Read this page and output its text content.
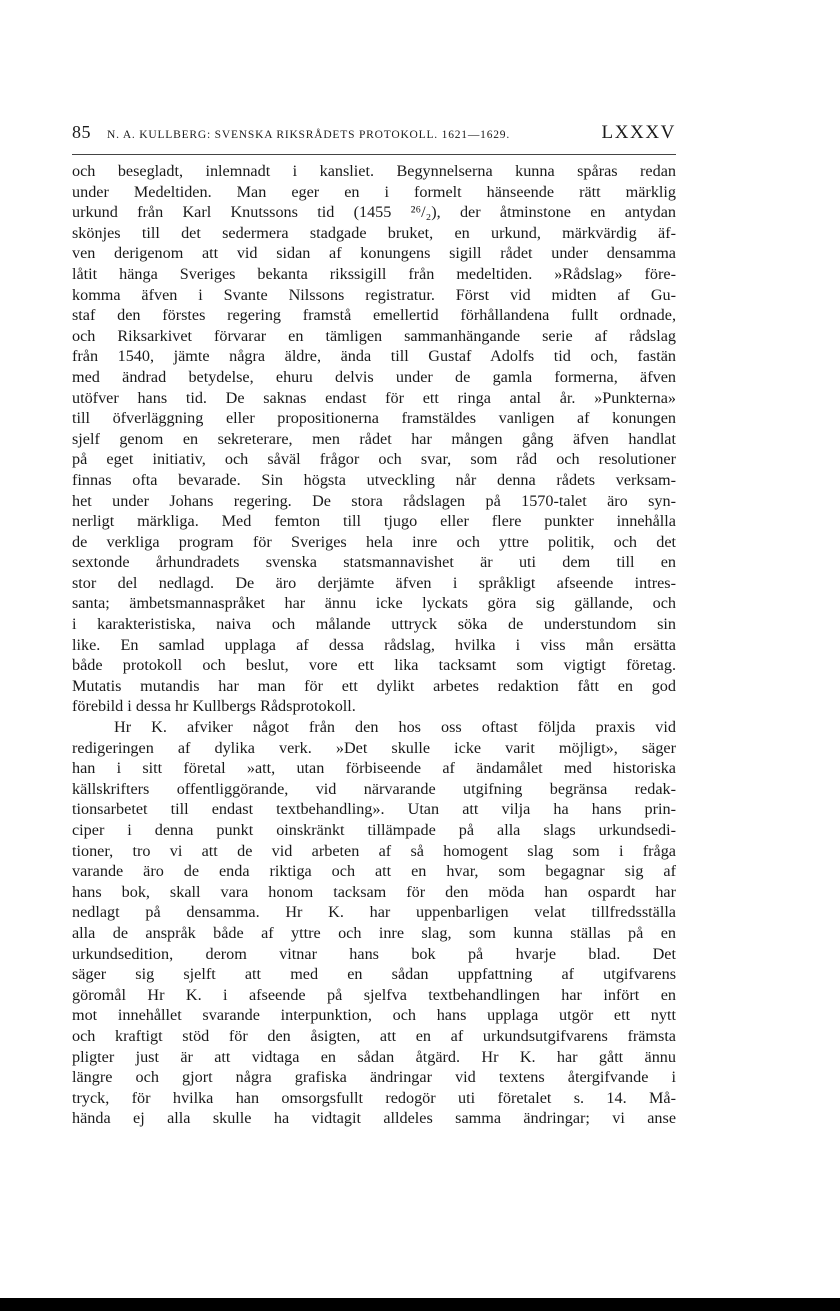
85 N. A. KULLBERG: SVENSKA RIKSRÅDETS PROTOKOLL. 1621—1629.	LXXXV
och besegladt, inlemnadt i kansliet. Begynnelserna kunna spåras redan
under Medeltiden. Man eger en i formelt hänseende rätt märklig
urkund från Karl Knutssons tid (1455 ²⁶/₂), der åtminstone en antydan
skönjes till det sedermera stadgade bruket, en urkund, märkvärdig äf-
ven derigenom att vid sidan af konungens sigill rådet under densamma
låtit hänga Sveriges bekanta rikssigill från medeltiden. »Rådslag» före-
komma äfven i Svante Nilssons registratur. Först vid midten af Gu-
staf den förstes regering framstå emellertid förhållandena fullt ordnade,
och Riksarkivet förvarar en tämligen sammanhängande serie af rådslag
från 1540, jämte några äldre, ända till Gustaf Adolfs tid och, fastän
med ändrad betydelse, ehuru delvis under de gamla formerna, äfven
utöfver hans tid. De saknas endast för ett ringa antal år. »Punkterna»
till öfverläggning eller propositionerna framstäldes vanligen af konungen
sjelf genom en sekreterare, men rådet har mången gång äfven handlat
på eget initiativ, och såväl frågor och svar, som råd och resolutioner
finnas ofta bevarade. Sin högsta utveckling når denna rådets verksam-
het under Johans regering. De stora rådslagen på 1570-talet äro syn-
nerligt märkliga. Med femton till tjugo eller flere punkter innehålla
de verkliga program för Sveriges hela inre och yttre politik, och det
sextonde århundradets svenska statsmannavishet är uti dem till en
stor del nedlagd. De äro derjämte äfven i språkligt afseende intres-
santa; ämbetsmannaspråket har ännu icke lyckats göra sig gällande, och
i karakteristiska, naiva och målande uttryck söka de understundom sin
like. En samlad upplaga af dessa rådslag, hvilka i viss mån ersätta
både protokoll och beslut, vore ett lika tacksamt som vigtigt företag.
Mutatis mutandis har man för ett dylikt arbetes redaktion fått en god
förebild i dessa hr Kullbergs Rådsprotokoll.
Hr K. afviker något från den hos oss oftast följda praxis vid
redigeringen af dylika verk. »Det skulle icke varit möjligt», säger
han i sitt företal »att, utan förbiseende af ändamålet med historiska
källskrifters offentliggörande, vid närvarande utgifning begränsa redak-
tionsarbetet till endast textbehandling». Utan att vilja ha hans prin-
ciper i denna punkt oinskränkt tillämpade på alla slags urkundsedi-
tioner, tro vi att de vid arbeten af så homogent slag som i fråga
varande äro de enda riktiga och att en hvar, som begagnar sig af
hans bok, skall vara honom tacksam för den möda han ospardt har
nedlagt på densamma. Hr K. har uppenbarligen velat tillfredsställa
alla de anspråk både af yttre och inre slag, som kunna ställas på en
urkundsedition, derom vitnar hans bok på hvarje blad. Det
säger sig sjelft att med en sådan uppfattning af utgifvarens
göromål Hr K. i afseende på sjelfva textbehandlingen har infört en
mot innehållet svarande interpunktion, och hans upplaga utgör ett nytt
och kraftigt stöd för den åsigten, att en af urkundsutgifvarens främsta
pligter just är att vidtaga en sådan åtgärd. Hr K. har gått ännu
längre och gjort några grafiska ändringar vid textens återgifvande i
tryck, för hvilka han omsorgsfullt redogör uti företalet s. 14. Må-
hända ej alla skulle ha vidtagit alldeles samma ändringar; vi anse
